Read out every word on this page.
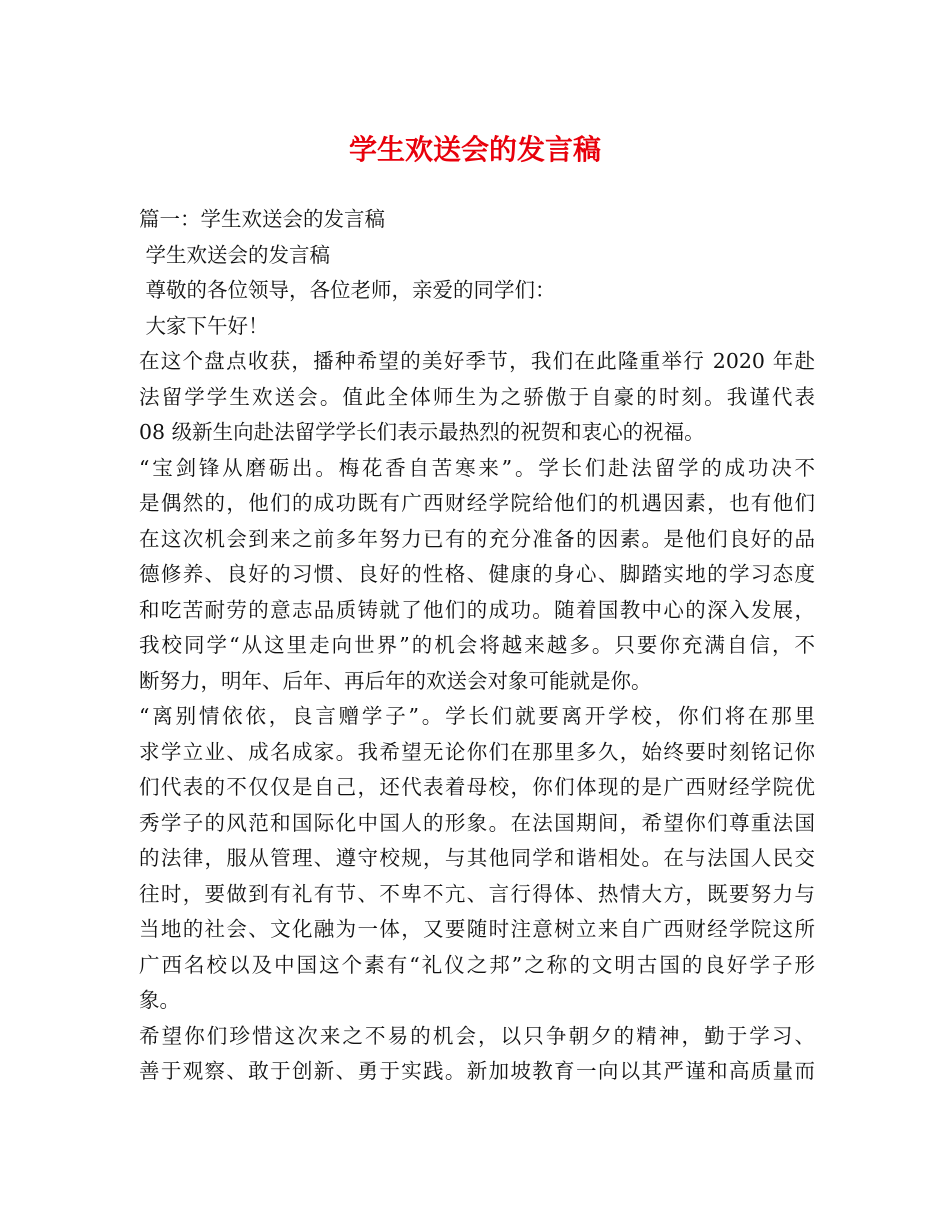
学生欢送会的发言稿
篇一：学生欢送会的发言稿
学生欢送会的发言稿
尊敬的各位领导，各位老师，亲爱的同学们：
大家下午好！
在这个盘点收获，播种希望的美好季节，我们在此隆重举行 2020 年赴
法留学学生欢送会。值此全体师生为之骄傲于自豪的时刻。我谨代表
08 级新生向赴法留学学长们表示最热烈的祝贺和衷心的祝福。
“宝剑锋从磨砺出。梅花香自苦寒来”。学长们赴法留学的成功决不
是偶然的，他们的成功既有广西财经学院给他们的机遇因素，也有他们
在这次机会到来之前多年努力已有的充分准备的因素。是他们良好的品
德修养、良好的习惯、良好的性格、健康的身心、脚踏实地的学习态度
和吃苦耐劳的意志品质铸就了他们的成功。随着国教中心的深入发展，
我校同学“从这里走向世界”的机会将越来越多。只要你充满自信，不
断努力，明年、后年、再后年的欢送会对象可能就是你。
“离别情依依，良言赠学子”。学长们就要离开学校，你们将在那里
求学立业、成名成家。我希望无论你们在那里多久，始终要时刻铭记你
们代表的不仅仅是自己，还代表着母校，你们体现的是广西财经学院优
秀学子的风范和国际化中国人的形象。在法国期间，希望你们尊重法国
的法律，服从管理、遵守校规，与其他同学和谐相处。在与法国人民交
往时，要做到有礼有节、不卑不亢、言行得体、热情大方，既要努力与
当地的社会、文化融为一体，又要随时注意树立来自广西财经学院这所
广西名校以及中国这个素有“礼仪之邦”之称的文明古国的良好学子形
象。
希望你们珍惜这次来之不易的机会，以只争朝夕的精神，勤于学习、
善于观察、敢于创新、勇于实践。新加坡教育一向以其严谨和高质量而
